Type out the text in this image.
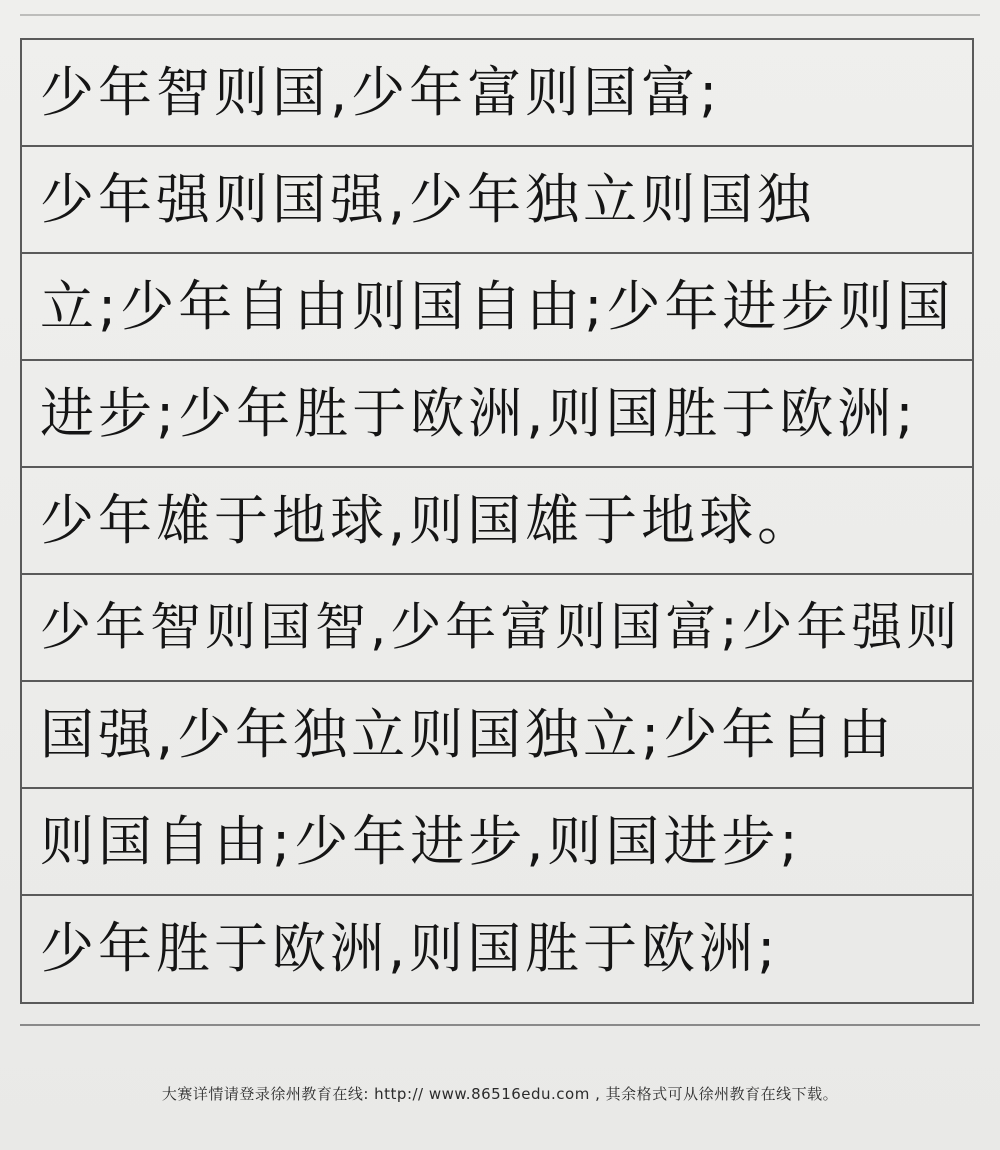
少年智则国,少年富则国富;
少年强则国强,少年独立则国独
立;少年自由则国自由;少年进步则国
进步;少年胜于欧洲,则国胜于欧洲;
少年雄于地球,则国雄于地球。
少年智则国智,少年富则国富;少年强则
国强,少年独立则国独立;少年自由
则国自由;少年进步,则国进步;
少年胜于欧洲,则国胜于欧洲;
大赛详情请登录徐州教育在线: http:// www.86516edu.com , 其余格式可从徐州教育在线下载。
